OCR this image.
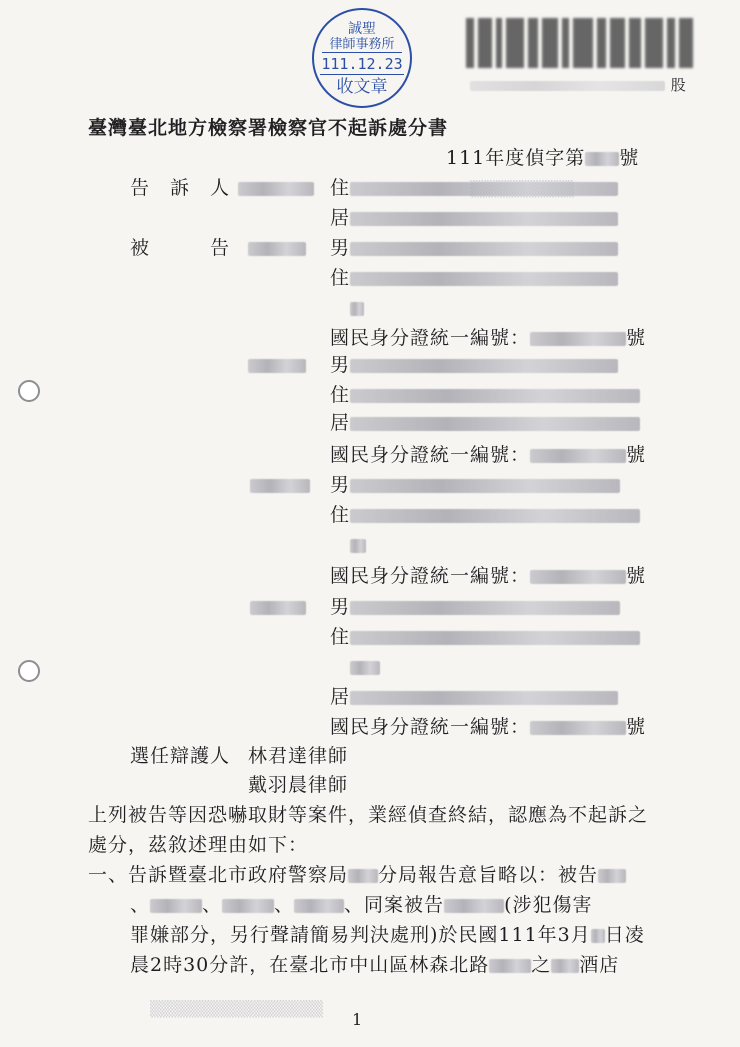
▒▒▒▒▒▒▒▒▒▒▒▒▒▒▒
誠聖
律師事務所
111.12.23
收文章	股
臺灣臺北地方檢察署檢察官不起訴處分書
111年度偵字第 號
告　訴　人	住
居
被　　　告	男
住
國民身分證統一編號：	號
男
住
居
國民身分證統一編號：	號
男
住
國民身分證統一編號：	號
男
住
居
國民身分證統一編號：	號
選任辯護人 林君達律師
戴羽晨律師
上列被告等因恐嚇取財等案件，業經偵查終結，認應為不起訴之
處分，茲敘述理由如下：
一、告訴暨臺北市政府警察局 分局報告意旨略以：被告
、	、	、	、同案被告	(涉犯傷害
罪嫌部分，另行聲請簡易判決處刑)於民國111年3月 日凌
晨2時30分許，在臺北市中山區林森北路 之 酒店
1
